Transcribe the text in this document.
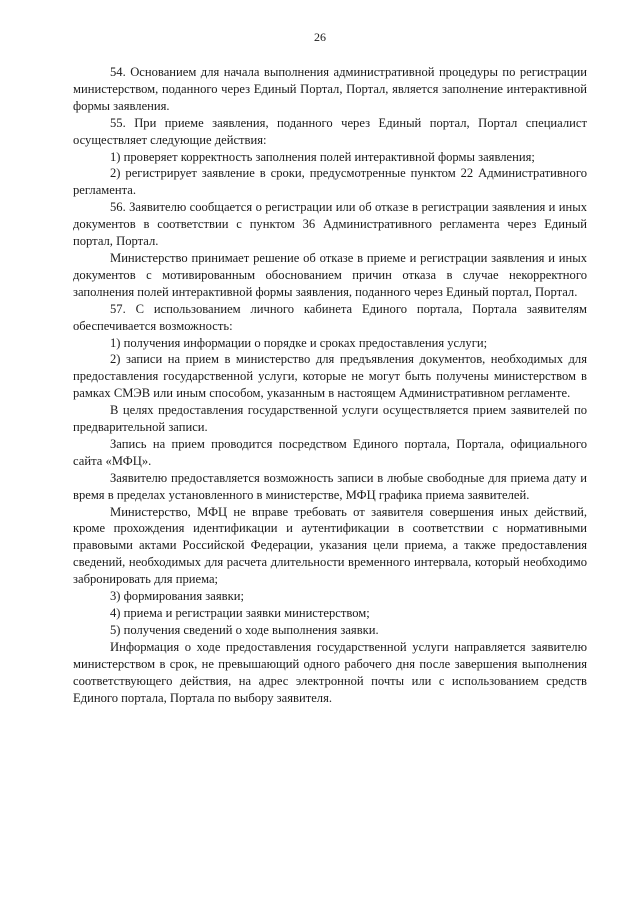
26

54. Основанием для начала выполнения административной процедуры по регистрации министерством, поданного через Единый Портал, Портал, является заполнение интерактивной формы заявления.

55. При приеме заявления, поданного через Единый портал, Портал специалист осуществляет следующие действия:

1) проверяет корректность заполнения полей интерактивной формы заявления;

2) регистрирует заявление в сроки, предусмотренные пунктом 22 Административного регламента.

56. Заявителю сообщается о регистрации или об отказе в регистрации заявления и иных документов в соответствии с пунктом 36 Административного регламента через Единый портал, Портал.

Министерство принимает решение об отказе в приеме и регистрации заявления и иных документов с мотивированным обоснованием причин отказа в случае некорректного заполнения полей интерактивной формы заявления, поданного через Единый портал, Портал.

57. С использованием личного кабинета Единого портала, Портала заявителям обеспечивается возможность:

1) получения информации о порядке и сроках предоставления услуги;

2) записи на прием в министерство для предъявления документов, необходимых для предоставления государственной услуги, которые не могут быть получены министерством в рамках СМЭВ или иным способом, указанным в настоящем Административном регламенте.

В целях предоставления государственной услуги осуществляется прием заявителей по предварительной записи.

Запись на прием проводится посредством Единого портала, Портала, официального сайта «МФЦ».

Заявителю предоставляется возможность записи в любые свободные для приема дату и время в пределах установленного в министерстве, МФЦ графика приема заявителей.

Министерство, МФЦ не вправе требовать от заявителя совершения иных действий, кроме прохождения идентификации и аутентификации в соответствии с нормативными правовыми актами Российской Федерации, указания цели приема, а также предоставления сведений, необходимых для расчета длительности временного интервала, который необходимо забронировать для приема;

3) формирования заявки;

4) приема и регистрации заявки министерством;

5) получения сведений о ходе выполнения заявки.

Информация о ходе предоставления государственной услуги направляется заявителю министерством в срок, не превышающий одного рабочего дня после завершения выполнения соответствующего действия, на адрес электронной почты или с использованием средств Единого портала, Портала по выбору заявителя.
